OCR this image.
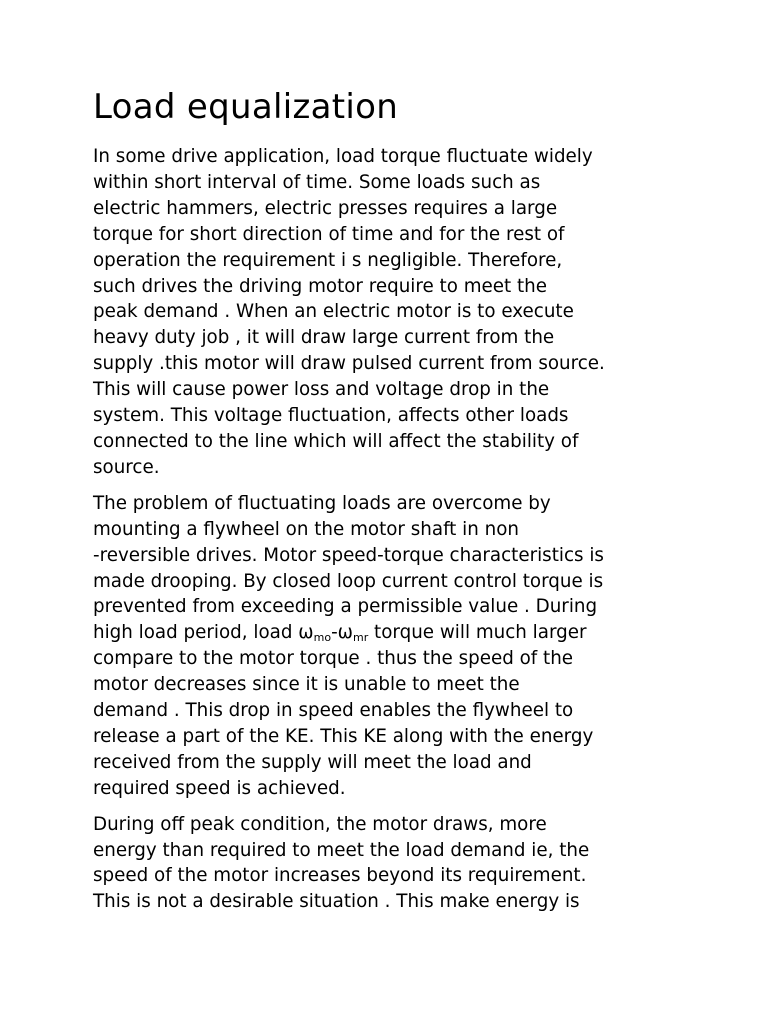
Load equalization

In some drive application, load torque fluctuate widely
within short interval of time. Some loads such as
electric hammers, electric presses requires a large
torque for short direction of time and for the rest of
operation the requirement i s negligible. Therefore,
such drives the driving motor require to meet the
peak demand . When an electric motor is to execute
heavy duty job , it will draw large current from the
supply .this motor will draw pulsed current from source.
This will cause power loss and voltage drop in the
system. This voltage fluctuation, affects other loads
connected to the line which will affect the stability of
source.

The problem of fluctuating loads are overcome by
mounting a flywheel on the motor shaft in non
-reversible drives. Motor speed-torque characteristics is
made drooping. By closed loop current control torque is
prevented from exceeding a permissible value . During
high load period, load $\omega_{mo}-\omega_{mr}$ torque will much larger
compare to the motor torque . thus the speed of the
motor decreases since it is unable to meet the
demand . This drop in speed enables the flywheel to
release a part of the KE. This KE along with the energy
received from the supply will meet the load and
required speed is achieved.

During off peak condition, the motor draws, more
energy than required to meet the load demand ie, the
speed of the motor increases beyond its requirement.
This is not a desirable situation . This make energy is
